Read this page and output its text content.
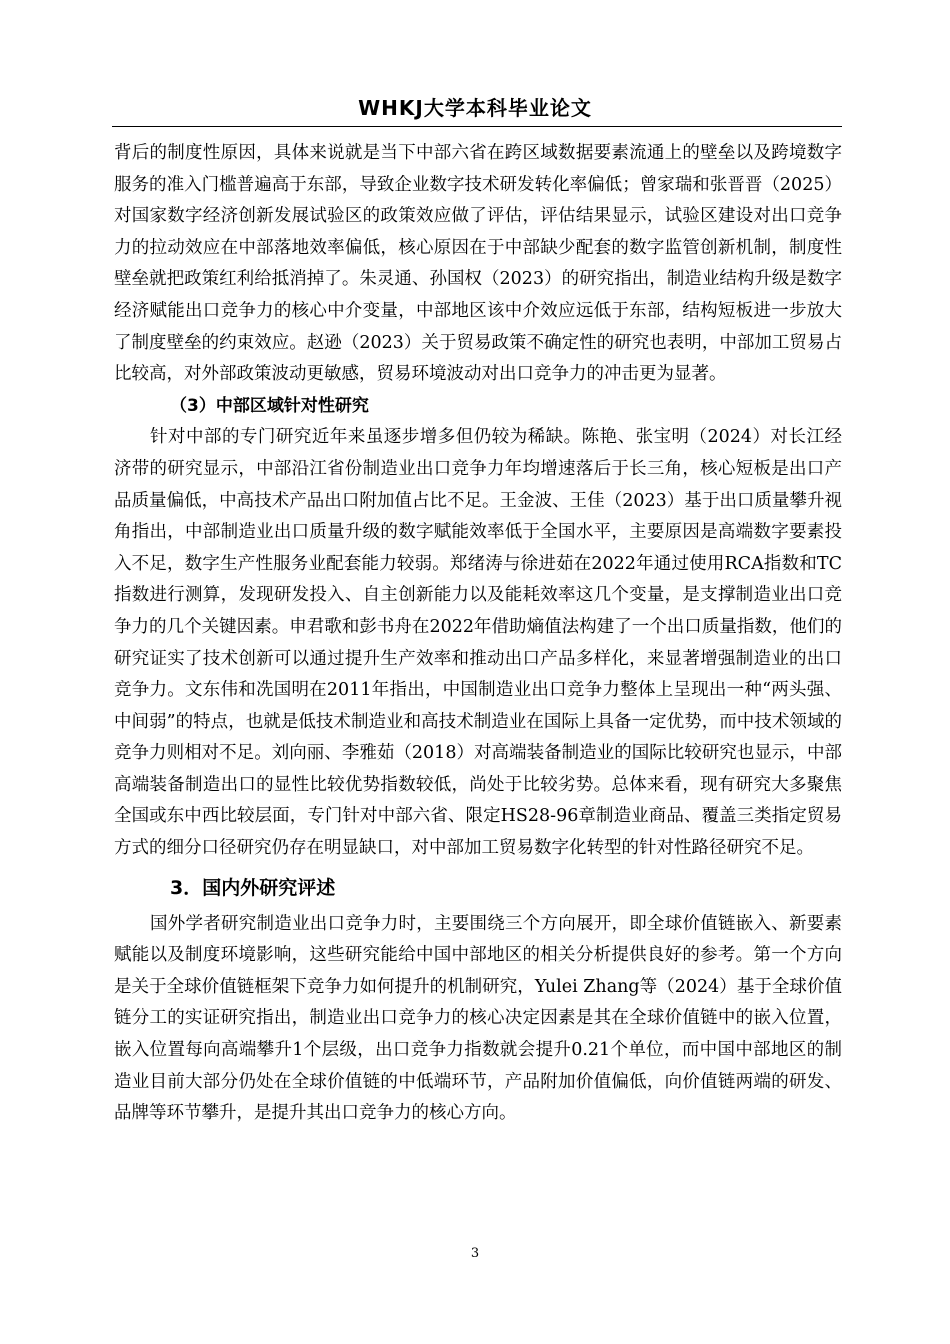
WHKJ大学本科毕业论文

背后的制度性原因，具体来说就是当下中部六省在跨区域数据要素流通上的壁垒以及跨境数字服务的准入门槛普遍高于东部，导致企业数字技术研发转化率偏低；曾家瑞和张晋晋（2025）对国家数字经济创新发展试验区的政策效应做了评估，评估结果显示，试验区建设对出口竞争力的拉动效应在中部落地效率偏低，核心原因在于中部缺少配套的数字监管创新机制，制度性壁垒就把政策红利给抵消掉了。朱灵通、孙国权（2023）的研究指出，制造业结构升级是数字经济赋能出口竞争力的核心中介变量，中部地区该中介效应远低于东部，结构短板进一步放大了制度壁垒的约束效应。赵逊（2023）关于贸易政策不确定性的研究也表明，中部加工贸易占比较高，对外部政策波动更敏感，贸易环境波动对出口竞争力的冲击更为显著。

（3）中部区域针对性研究

针对中部的专门研究近年来虽逐步增多但仍较为稀缺。陈艳、张宝明（2024）对长江经济带的研究显示，中部沿江省份制造业出口竞争力年均增速落后于长三角，核心短板是出口产品质量偏低，中高技术产品出口附加值占比不足。王金波、王佳（2023）基于出口质量攀升视角指出，中部制造业出口质量升级的数字赋能效率低于全国水平，主要原因是高端数字要素投入不足，数字生产性服务业配套能力较弱。郑绪涛与徐进茹在2022年通过使用RCA指数和TC指数进行测算，发现研发投入、自主创新能力以及能耗效率这几个变量，是支撑制造业出口竞争力的几个关键因素。申君歌和彭书舟在2022年借助熵值法构建了一个出口质量指数，他们的研究证实了技术创新可以通过提升生产效率和推动出口产品多样化，来显著增强制造业的出口竞争力。文东伟和冼国明在2011年指出，中国制造业出口竞争力整体上呈现出一种“两头强、中间弱”的特点，也就是低技术制造业和高技术制造业在国际上具备一定优势，而中技术领域的竞争力则相对不足。刘向丽、李雅茹（2018）对高端装备制造业的国际比较研究也显示，中部高端装备制造出口的显性比较优势指数较低，尚处于比较劣势。总体来看，现有研究大多聚焦全国或东中西比较层面，专门针对中部六省、限定HS28-96章制造业商品、覆盖三类指定贸易方式的细分口径研究仍存在明显缺口，对中部加工贸易数字化转型的针对性路径研究不足。

3．国内外研究评述

国外学者研究制造业出口竞争力时，主要围绕三个方向展开，即全球价值链嵌入、新要素赋能以及制度环境影响，这些研究能给中国中部地区的相关分析提供良好的参考。第一个方向是关于全球价值链框架下竞争力如何提升的机制研究，Yulei Zhang等（2024）基于全球价值链分工的实证研究指出，制造业出口竞争力的核心决定因素是其在全球价值链中的嵌入位置，嵌入位置每向高端攀升1个层级，出口竞争力指数就会提升0.21个单位，而中国中部地区的制造业目前大部分仍处在全球价值链的中低端环节，产品附加价值偏低，向价值链两端的研发、品牌等环节攀升，是提升其出口竞争力的核心方向。

3
